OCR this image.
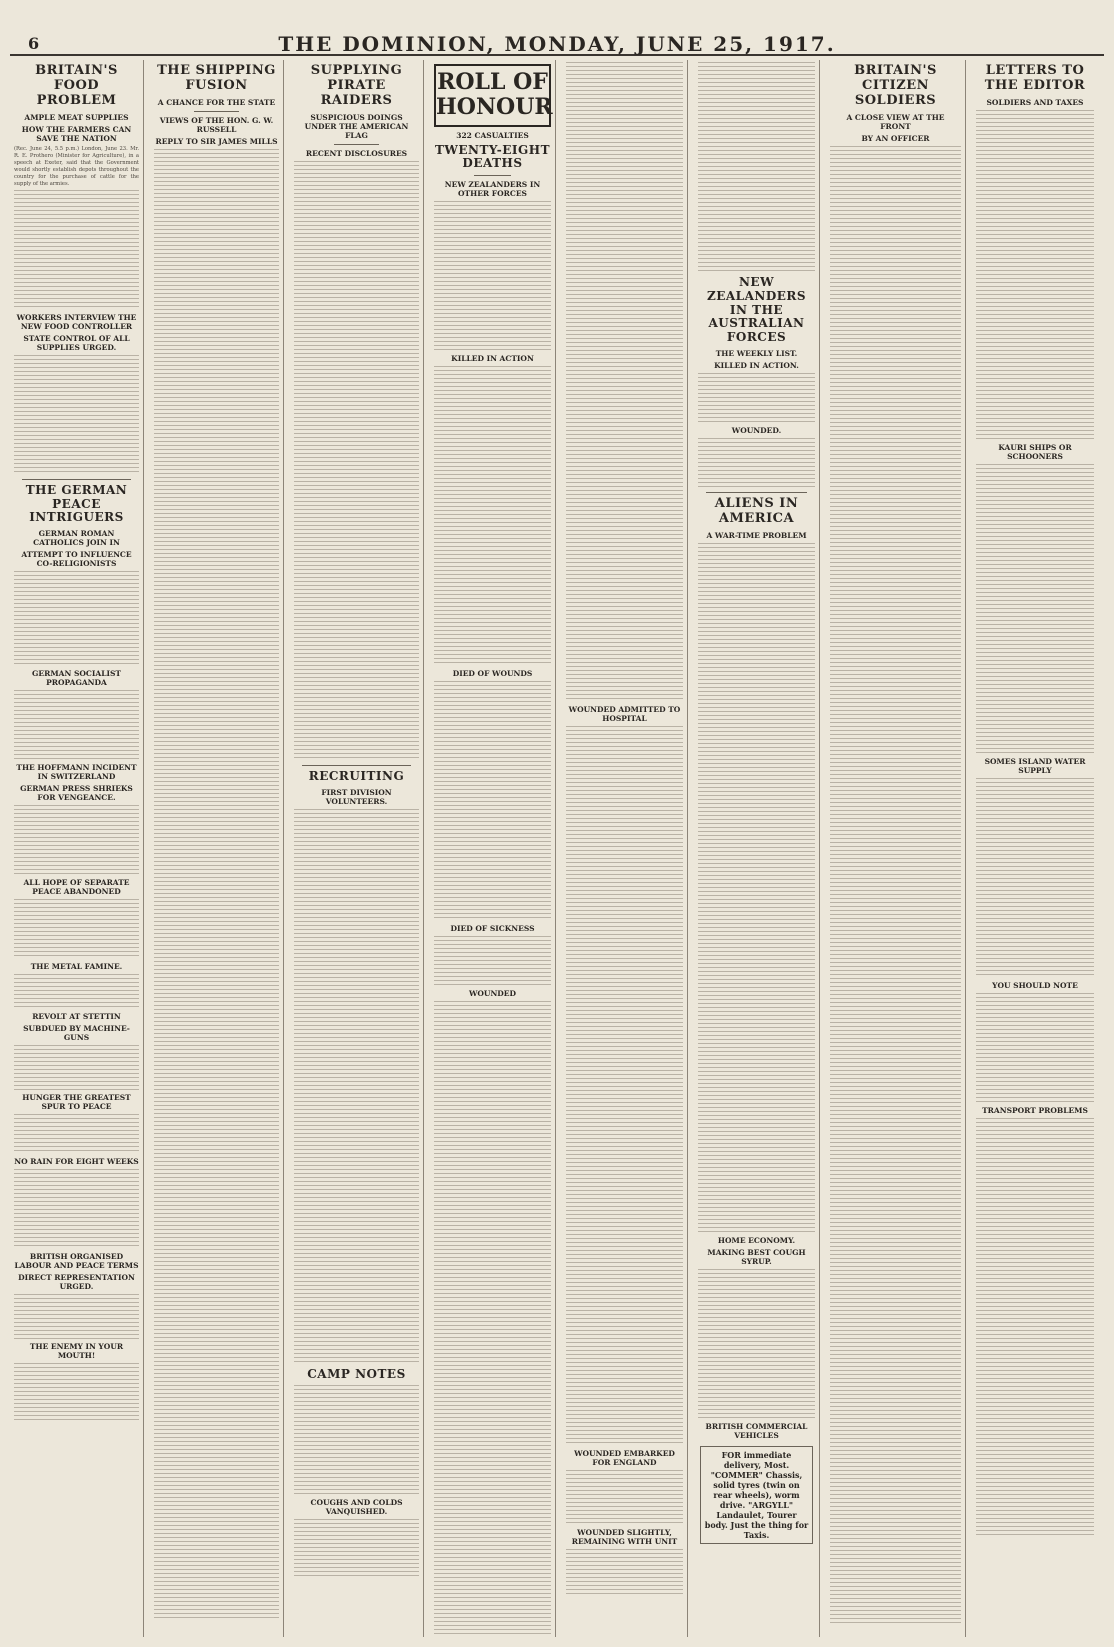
6	THE DOMINION, MONDAY, JUNE 25, 1917.
BRITAIN'S FOOD PROBLEM
AMPLE MEAT SUPPLIES
HOW THE FARMERS CAN SAVE THE NATION

(Rec. June 24, 5.5 p.m.) London, June 23. Mr. R. E. Prothero (Minister for Agriculture), in a speech at Exeter, said that the Government would shortly establish depots throughout the country for the purchase of cattle for the supply of the armies.

WORKERS INTERVIEW THE NEW FOOD CONTROLLER
STATE CONTROL OF ALL SUPPLIES URGED.
THE GERMAN PEACE INTRIGUERS
GERMAN ROMAN CATHOLICS JOIN IN
ATTEMPT TO INFLUENCE CO-RELIGIONISTS
GERMAN SOCIALIST PROPAGANDA
THE HOFFMANN INCIDENT IN SWITZERLAND
GERMAN PRESS SHRIEKS FOR VENGEANCE.
ALL HOPE OF SEPARATE PEACE ABANDONED
THE METAL FAMINE.
REVOLT AT STETTIN
SUBDUED BY MACHINE-GUNS
HUNGER THE GREATEST SPUR TO PEACE
NO RAIN FOR EIGHT WEEKS
BRITISH ORGANISED LABOUR AND PEACE TERMS
DIRECT REPRESENTATION URGED.
THE ENEMY IN YOUR MOUTH!
THE SHIPPING FUSION
A CHANCE FOR THE STATE
VIEWS OF THE HON. G. W. RUSSELL
REPLY TO SIR JAMES MILLS
SUPPLYING PIRATE RAIDERS
SUSPICIOUS DOINGS UNDER THE AMERICAN FLAG
RECENT DISCLOSURES
RECRUITING
FIRST DIVISION VOLUNTEERS.
CAMP NOTES
COUGHS AND COLDS VANQUISHED.
ROLL OF HONOUR
322 CASUALTIES
TWENTY-EIGHT DEATHS
NEW ZEALANDERS IN OTHER FORCES
KILLED IN ACTION
DIED OF WOUNDS
DIED OF SICKNESS
WOUNDED
WOUNDED ADMITTED TO HOSPITAL
WOUNDED EMBARKED FOR ENGLAND
WOUNDED SLIGHTLY, REMAINING WITH UNIT
NEW ZEALANDERS IN THE AUSTRALIAN FORCES
THE WEEKLY LIST.
KILLED IN ACTION.
WOUNDED.
ALIENS IN AMERICA
A WAR-TIME PROBLEM
HOME ECONOMY.
MAKING BEST COUGH SYRUP.
BRITISH COMMERCIAL VEHICLES
FOR immediate delivery, Most. "COMMER" Chassis, solid tyres (twin on rear wheels), worm drive. "ARGYLL" Landaulet, Tourer body. Just the thing for Taxis.
BRITAIN'S CITIZEN SOLDIERS
A CLOSE VIEW AT THE FRONT
BY AN OFFICER
LETTERS TO THE EDITOR
SOLDIERS AND TAXES
KAURI SHIPS OR SCHOONERS
SOMES ISLAND WATER SUPPLY
YOU SHOULD NOTE
TRANSPORT PROBLEMS
